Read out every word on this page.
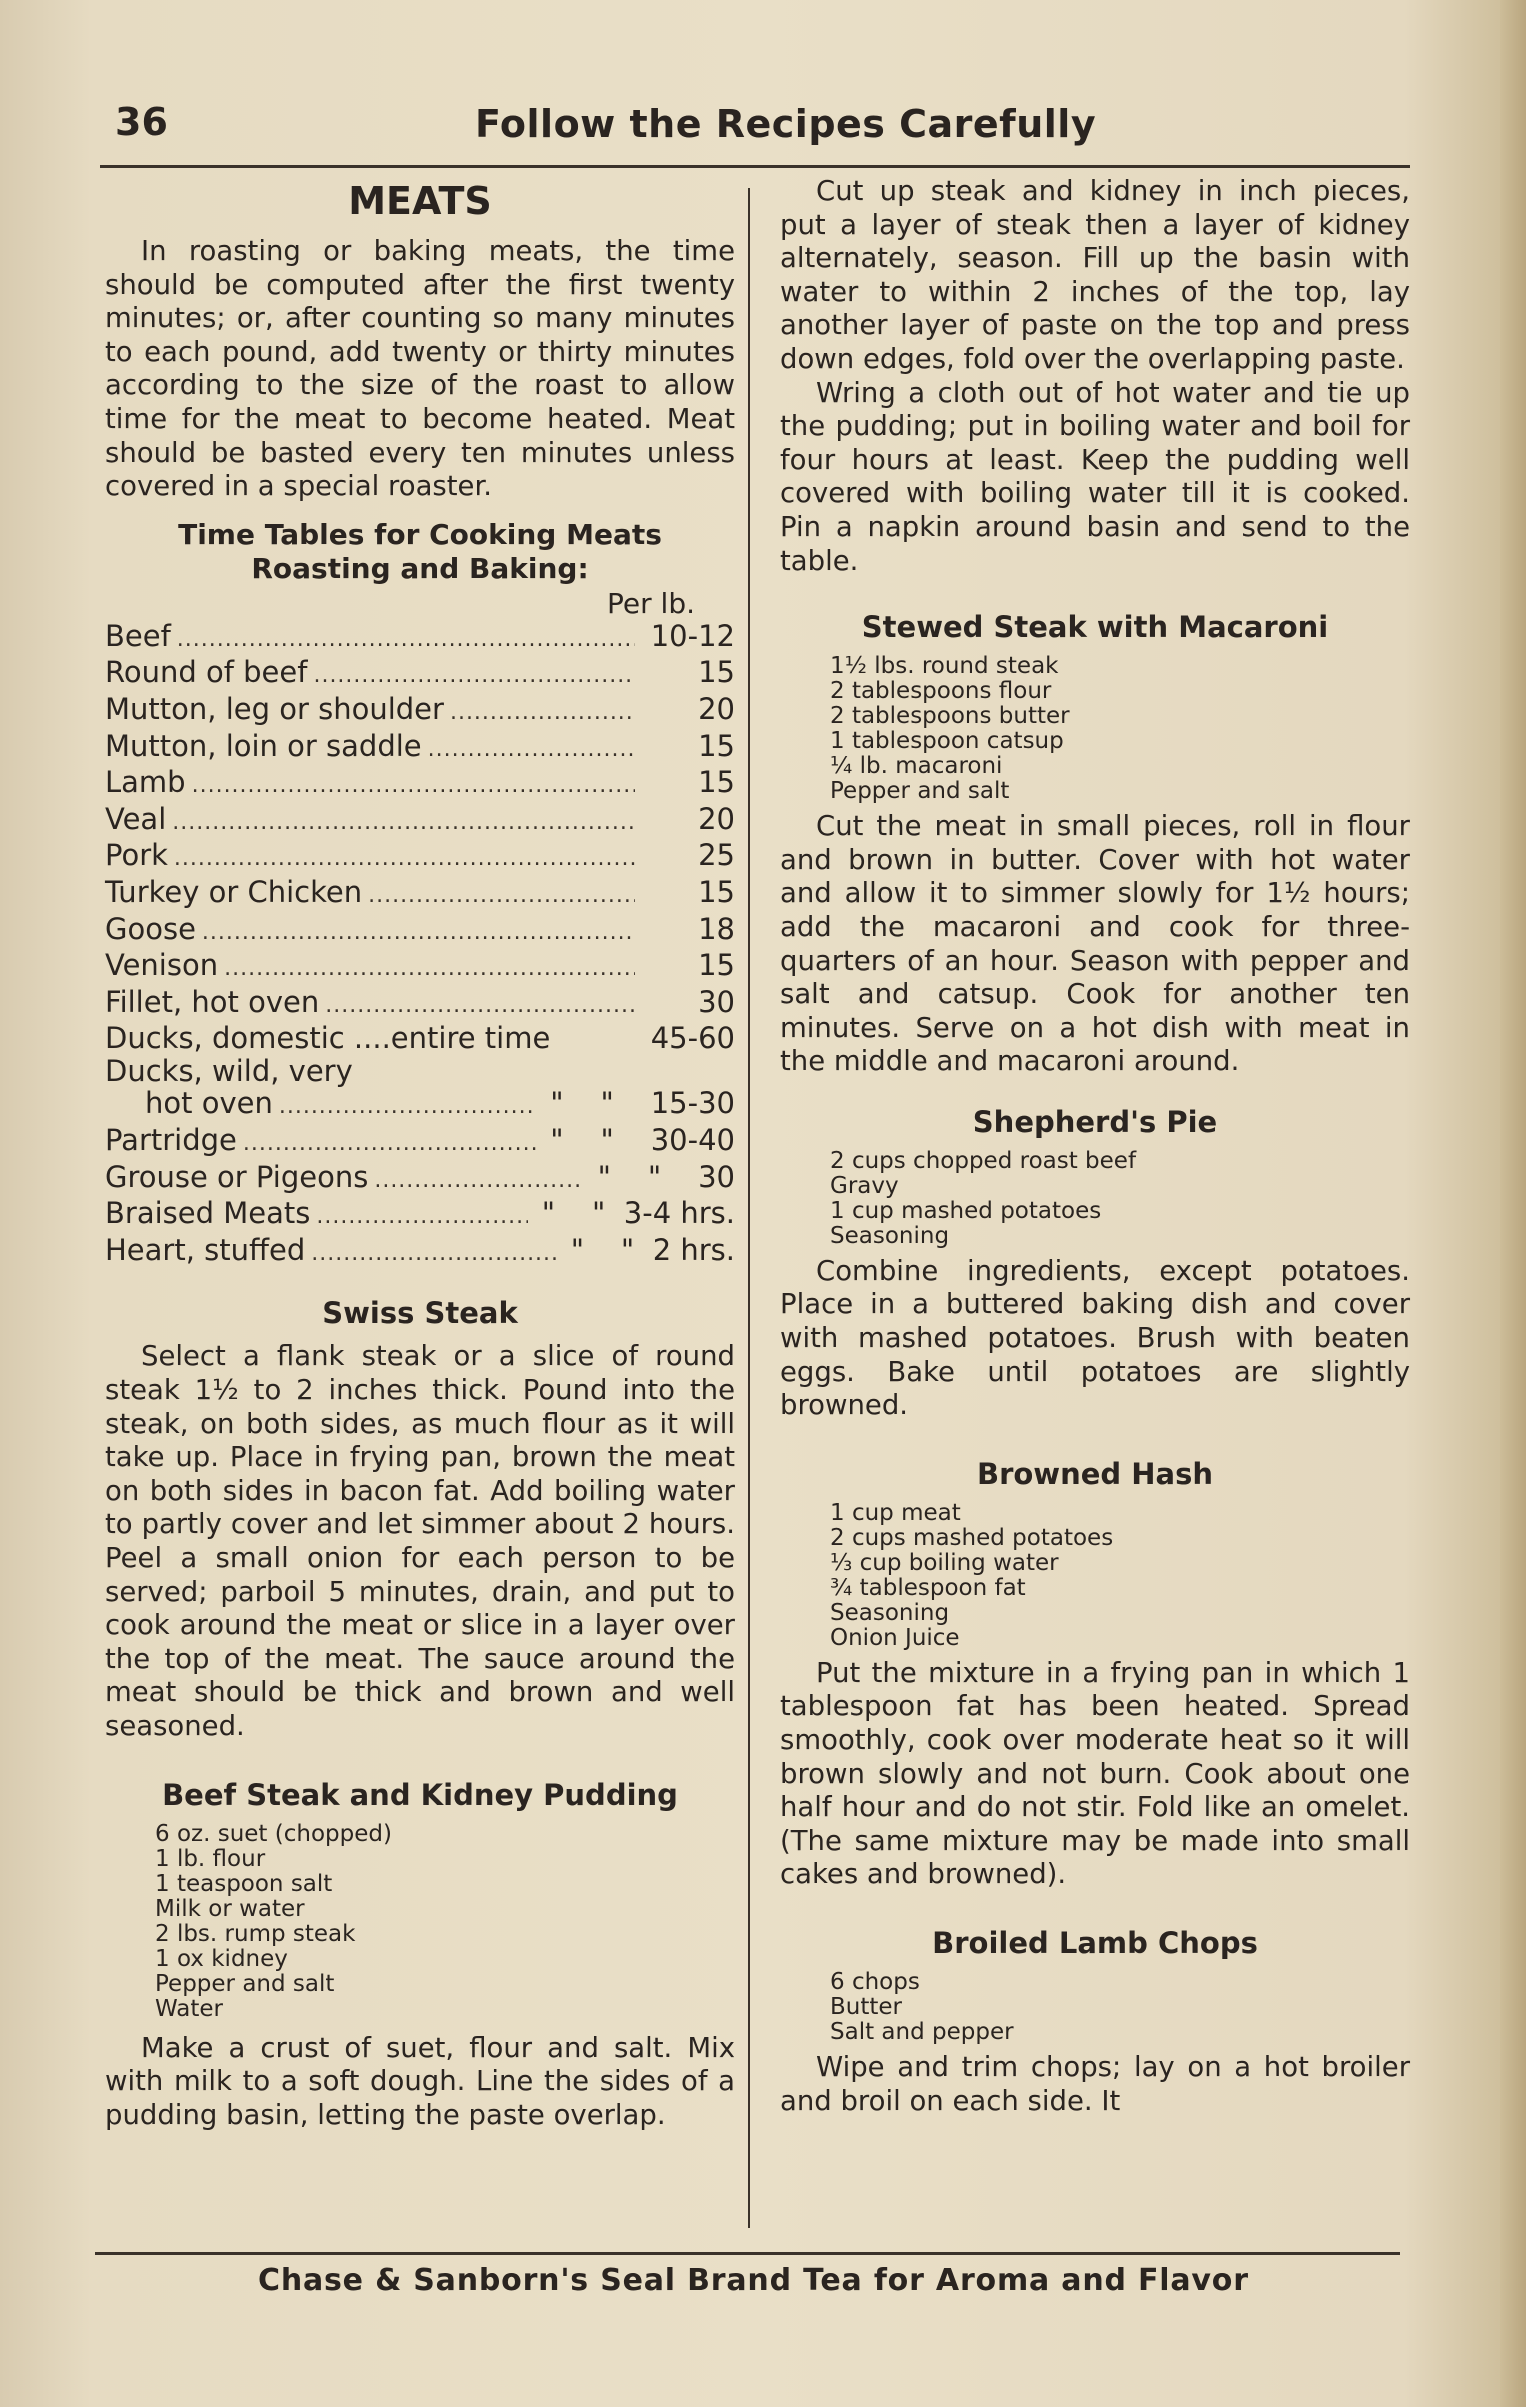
36	Follow the Recipes Carefully

MEATS

In roasting or baking meats, the time should be computed after the first twenty minutes; or, after counting so many minutes to each pound, add twenty or thirty minutes according to the size of the roast to allow time for the meat to become heated. Meat should be basted every ten minutes unless covered in a special roaster.

Time Tables for Cooking Meats
Roasting and Baking:
Per lb.
Beef .....	10-12
Round of beef .....	15
Mutton, leg or shoulder .....	20
Mutton, loin or saddle .....	15
Lamb .....	15
Veal .....	20
Pork .....	25
Turkey or Chicken .....	15
Goose .....	18
Venison .....	15
Fillet, hot oven .....	30
Ducks, domestic ....entire time	45-60
Ducks, wild, very
hot oven .....	"    "    15-30
Partridge .....	"    "    30-40
Grouse or Pigeons .....	"    "    30
Braised Meats .....	"    "  3-4 hrs.
Heart, stuffed .....	"    "  2 hrs.
Swiss Steak

Select a flank steak or a slice of round steak 1½ to 2 inches thick. Pound into the steak, on both sides, as much flour as it will take up. Place in frying pan, brown the meat on both sides in bacon fat. Add boiling water to partly cover and let simmer about 2 hours. Peel a small onion for each person to be served; parboil 5 minutes, drain, and put to cook around the meat or slice in a layer over the top of the meat. The sauce around the meat should be thick and brown and well seasoned.

Beef Steak and Kidney Pudding
6 oz. suet (chopped)
1 lb. flour
1 teaspoon salt
Milk or water
2 lbs. rump steak
1 ox kidney
Pepper and salt
Water

Make a crust of suet, flour and salt. Mix with milk to a soft dough. Line the sides of a pudding basin, letting the paste overlap.

Cut up steak and kidney in inch pieces, put a layer of steak then a layer of kidney alternately, season. Fill up the basin with water to within 2 inches of the top, lay another layer of paste on the top and press down edges, fold over the overlapping paste.

Wring a cloth out of hot water and tie up the pudding; put in boiling water and boil for four hours at least. Keep the pudding well covered with boiling water till it is cooked. Pin a napkin around basin and send to the table.

Stewed Steak with Macaroni
1½ lbs. round steak
2 tablespoons flour
2 tablespoons butter
1 tablespoon catsup
¼ lb. macaroni
Pepper and salt

Cut the meat in small pieces, roll in flour and brown in butter. Cover with hot water and allow it to simmer slowly for 1½ hours; add the macaroni and cook for three-quarters of an hour. Season with pepper and salt and catsup. Cook for another ten minutes. Serve on a hot dish with meat in the middle and macaroni around.

Shepherd's Pie
2 cups chopped roast beef
Gravy
1 cup mashed potatoes
Seasoning

Combine ingredients, except potatoes. Place in a buttered baking dish and cover with mashed potatoes. Brush with beaten eggs. Bake until potatoes are slightly browned.

Browned Hash
1 cup meat
2 cups mashed potatoes
⅓ cup boiling water
¾ tablespoon fat
Seasoning
Onion Juice

Put the mixture in a frying pan in which 1 tablespoon fat has been heated. Spread smoothly, cook over moderate heat so it will brown slowly and not burn. Cook about one half hour and do not stir. Fold like an omelet. (The same mixture may be made into small cakes and browned).

Broiled Lamb Chops
6 chops
Butter
Salt and pepper

Wipe and trim chops; lay on a hot broiler and broil on each side. It

Chase & Sanborn's Seal Brand Tea for Aroma and Flavor
